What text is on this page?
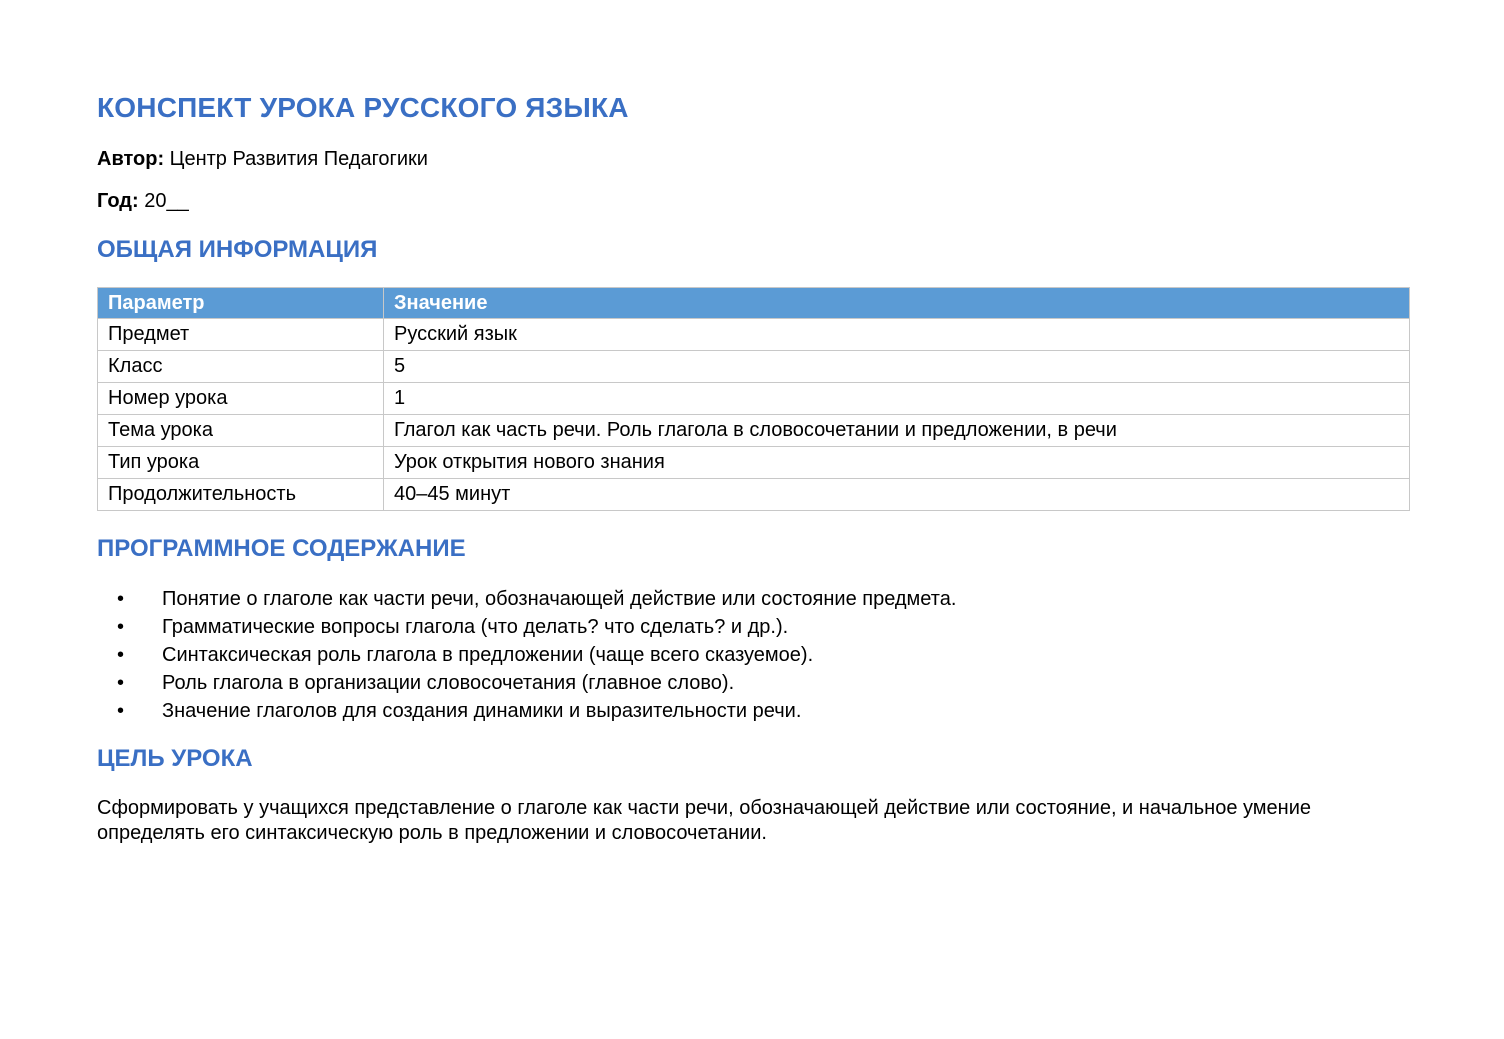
КОНСПЕКТ УРОКА РУССКОГО ЯЗЫКА

Автор: Центр Развития Педагогики

Год: 20__

ОБЩАЯ ИНФОРМАЦИЯ
Параметр	Значение
Предмет	Русский язык
Класс	5
Номер урока	1
Тема урока	Глагол как часть речи. Роль глагола в словосочетании и предложении, в речи
Тип урока	Урок открытия нового знания
Продолжительность	40–45 минут
ПРОГРАММНОЕ СОДЕРЖАНИЕ
• Понятие о глаголе как части речи, обозначающей действие или состояние предмета.
• Грамматические вопросы глагола (что делать? что сделать? и др.).
• Синтаксическая роль глагола в предложении (чаще всего сказуемое).
• Роль глагола в организации словосочетания (главное слово).
• Значение глаголов для создания динамики и выразительности речи.
ЦЕЛЬ УРОКА

Сформировать у учащихся представление о глаголе как части речи, обозначающей действие или состояние, и начальное умение определять его синтаксическую роль в предложении и словосочетании.
